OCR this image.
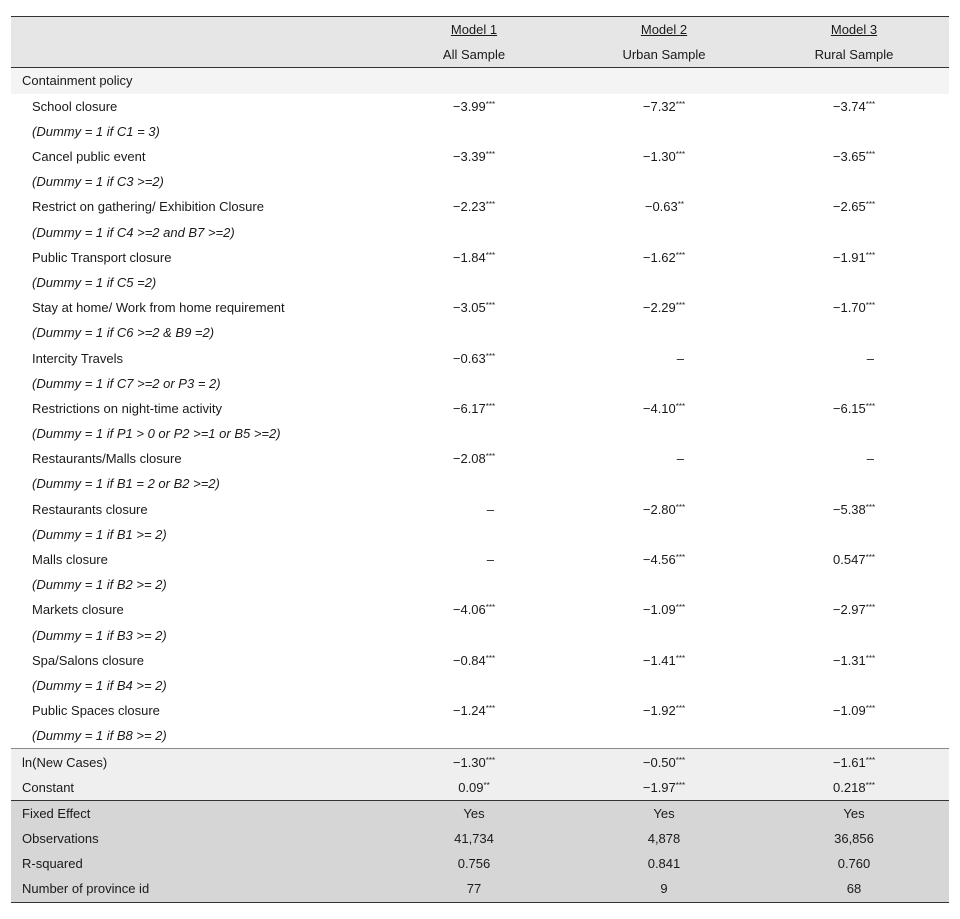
	Model 1	Model 2	Model 3
	All Sample	Urban Sample	Rural Sample
Containment policy			
School closure	−3.99***	−7.32***	−3.74***
(Dummy = 1 if C1 = 3)			
Cancel public event	−3.39***	−1.30***	−3.65***
(Dummy = 1 if C3 >=2)			
Restrict on gathering/ Exhibition Closure	−2.23***	−0.63**	−2.65***
(Dummy = 1 if C4 >=2 and B7 >=2)			
Public Transport closure	−1.84***	−1.62***	−1.91***
(Dummy = 1 if C5 =2)			
Stay at home/ Work from home requirement	−3.05***	−2.29***	−1.70***
(Dummy = 1 if C6 >=2 & B9 =2)			
Intercity Travels	−0.63***	–	–
(Dummy = 1 if C7 >=2 or P3 = 2)			
Restrictions on night-time activity	−6.17***	−4.10***	−6.15***
(Dummy = 1 if P1 > 0 or P2 >=1 or B5 >=2)			
Restaurants/Malls closure	−2.08***	–	–
(Dummy = 1 if B1 = 2 or B2 >=2)			
Restaurants closure	–	−2.80***	−5.38***
(Dummy = 1 if B1 >= 2)			
Malls closure	–	−4.56***	0.547***
(Dummy = 1 if B2 >= 2)			
Markets closure	−4.06***	−1.09***	−2.97***
(Dummy = 1 if B3 >= 2)			
Spa/Salons closure	−0.84***	−1.41***	−1.31***
(Dummy = 1 if B4 >= 2)			
Public Spaces closure	−1.24***	−1.92***	−1.09***
(Dummy = 1 if B8 >= 2)			
ln(New Cases)	−1.30***	−0.50***	−1.61***
Constant	0.09**	−1.97***	0.218***
Fixed Effect	Yes	Yes	Yes
Observations	41,734	4,878	36,856
R-squared	0.756	0.841	0.760
Number of province id	77	9	68
